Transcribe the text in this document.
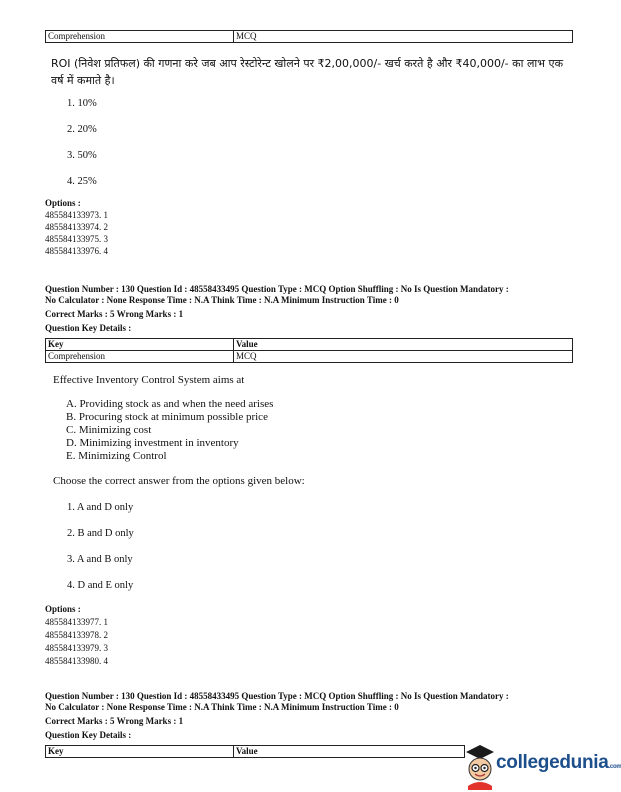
Comprehension	MCQ
ROI (निवेश प्रतिफल) की गणना करे जब आप रेस्टोरेन्ट खोलने पर ₹2,00,000/- खर्च करते है और ₹40,000/- का लाभ एक वर्ष में कमाते है।
1. 10%
2. 20%
3. 50%
4. 25%
Options :
485584133973. 1
485584133974. 2
485584133975. 3
485584133976. 4
Question Number : 130 Question Id : 48558433495 Question Type : MCQ Option Shuffling : No Is Question Mandatory :
No Calculator : None Response Time : N.A Think Time : N.A Minimum Instruction Time : 0
Correct Marks : 5 Wrong Marks : 1
Question Key Details :
Key	Value
Comprehension	MCQ
Effective Inventory Control System aims at
A. Providing stock as and when the need arises
B. Procuring stock at minimum possible price
C. Minimizing cost
D. Minimizing investment in inventory
E. Minimizing Control
Choose the correct answer from the options given below:
1. A and D only
2. B and D only
3. A and B only
4. D and E only
Options :
485584133977. 1
485584133978. 2
485584133979. 3
485584133980. 4
Question Number : 130 Question Id : 48558433495 Question Type : MCQ Option Shuffling : No Is Question Mandatory :
No Calculator : None Response Time : N.A Think Time : N.A Minimum Instruction Time : 0
Correct Marks : 5 Wrong Marks : 1
Question Key Details :
Key	Value
collegedunia.com
